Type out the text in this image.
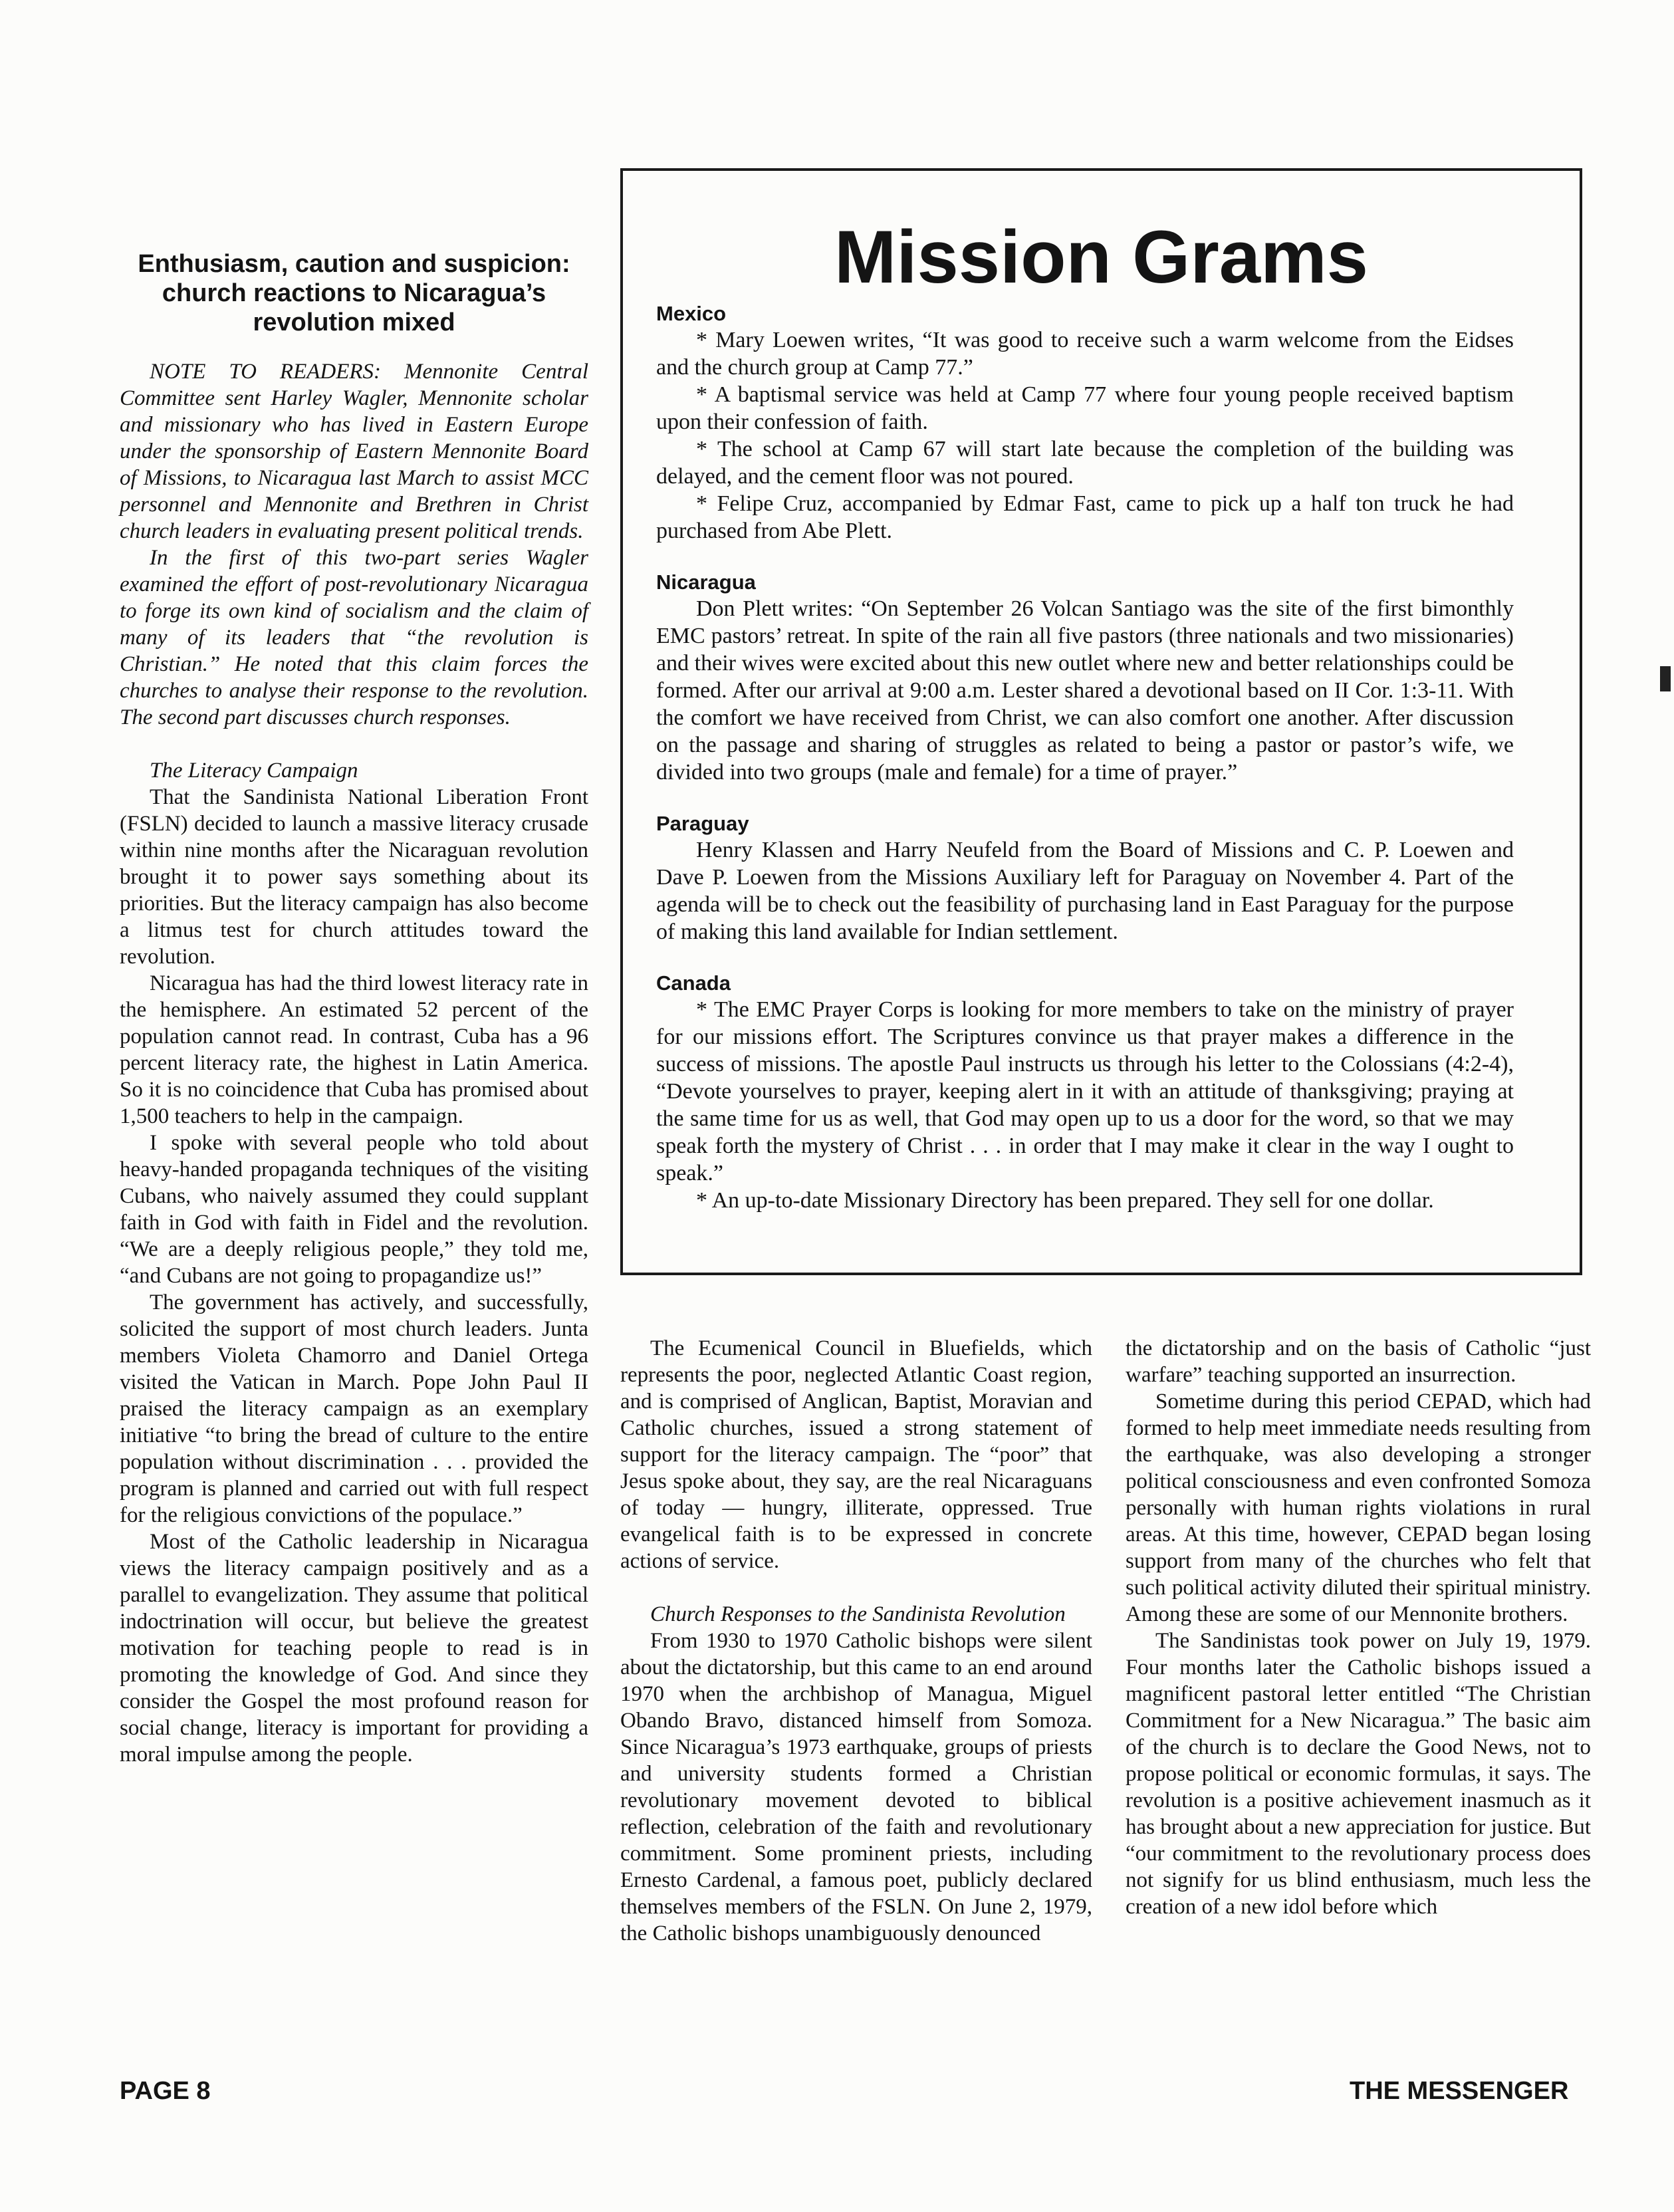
Mission Grams
Mexico

* Mary Loewen writes, “It was good to receive such a warm welcome from the Eidses and the church group at Camp 77.”

* A baptismal service was held at Camp 77 where four young people received baptism upon their confession of faith.

* The school at Camp 67 will start late because the completion of the building was delayed, and the cement floor was not poured.

* Felipe Cruz, accompanied by Edmar Fast, came to pick up a half ton truck he had purchased from Abe Plett.

Nicaragua

Don Plett writes: “On September 26 Volcan Santiago was the site of the first bimonthly EMC pastors’ retreat. In spite of the rain all five pastors (three nationals and two missionaries) and their wives were excited about this new outlet where new and better relationships could be formed. After our arrival at 9:00 a.m. Lester shared a devotional based on II Cor. 1:3-11. With the comfort we have received from Christ, we can also comfort one another. After discussion on the passage and sharing of struggles as related to being a pastor or pastor’s wife, we divided into two groups (male and female) for a time of prayer.”

Paraguay

Henry Klassen and Harry Neufeld from the Board of Missions and C. P. Loewen and Dave P. Loewen from the Missions Auxiliary left for Paraguay on November 4. Part of the agenda will be to check out the feasibility of purchasing land in East Paraguay for the purpose of making this land available for Indian settlement.

Canada

* The EMC Prayer Corps is looking for more members to take on the ministry of prayer for our missions effort. The Scriptures convince us that prayer makes a difference in the success of missions. The apostle Paul instructs us through his letter to the Colossians (4:2-4), “Devote yourselves to prayer, keeping alert in it with an attitude of thanksgiving; praying at the same time for us as well, that God may open up to us a door for the word, so that we may speak forth the mystery of Christ . . . in order that I may make it clear in the way I ought to speak.”

* An up-to-date Missionary Directory has been prepared. They sell for one dollar.

Enthusiasm, caution and suspicion: church reactions to Nicaragua’s revolution mixed

NOTE TO READERS: Mennonite Central Committee sent Harley Wagler, Mennonite scholar and missionary who has lived in Eastern Europe under the sponsorship of Eastern Mennonite Board of Missions, to Nicaragua last March to assist MCC personnel and Mennonite and Brethren in Christ church leaders in evaluating present political trends.

In the first of this two-part series Wagler examined the effort of post-revolutionary Nicaragua to forge its own kind of socialism and the claim of many of its leaders that “the revolution is Christian.” He noted that this claim forces the churches to analyse their response to the revolution. The second part discusses church responses.

The Literacy Campaign

That the Sandinista National Liberation Front (FSLN) decided to launch a massive literacy crusade within nine months after the Nicaraguan revolution brought it to power says something about its priorities. But the literacy campaign has also become a litmus test for church attitudes toward the revolution.

Nicaragua has had the third lowest literacy rate in the hemisphere. An estimated 52 percent of the population cannot read. In contrast, Cuba has a 96 percent literacy rate, the highest in Latin America. So it is no coincidence that Cuba has promised about 1,500 teachers to help in the campaign.

I spoke with several people who told about heavy-handed propaganda techniques of the visiting Cubans, who naively assumed they could supplant faith in God with faith in Fidel and the revolution. “We are a deeply religious people,” they told me, “and Cubans are not going to propagandize us!”

The government has actively, and successfully, solicited the support of most church leaders. Junta members Violeta Chamorro and Daniel Ortega visited the Vatican in March. Pope John Paul II praised the literacy campaign as an exemplary initiative “to bring the bread of culture to the entire population without discrimination . . . provided the program is planned and carried out with full respect for the religious convictions of the populace.”

Most of the Catholic leadership in Nicaragua views the literacy campaign positively and as a parallel to evangelization. They assume that political indoctrination will occur, but believe the greatest motivation for teaching people to read is in promoting the knowledge of God. And since they consider the Gospel the most profound reason for social change, literacy is important for providing a moral impulse among the people.

The Ecumenical Council in Bluefields, which represents the poor, neglected Atlantic Coast region, and is comprised of Anglican, Baptist, Moravian and Catholic churches, issued a strong statement of support for the literacy campaign. The “poor” that Jesus spoke about, they say, are the real Nicaraguans of today — hungry, illiterate, oppressed. True evangelical faith is to be expressed in concrete actions of service.

Church Responses to the Sandinista Revolution

From 1930 to 1970 Catholic bishops were silent about the dictatorship, but this came to an end around 1970 when the archbishop of Managua, Miguel Obando Bravo, distanced himself from Somoza. Since Nicaragua’s 1973 earthquake, groups of priests and university students formed a Christian revolutionary movement devoted to biblical reflection, celebration of the faith and revolutionary commitment. Some prominent priests, including Ernesto Cardenal, a famous poet, publicly declared themselves members of the FSLN. On June 2, 1979, the Catholic bishops unambiguously denounced

the dictatorship and on the basis of Catholic “just warfare” teaching supported an insurrection.

Sometime during this period CEPAD, which had formed to help meet immediate needs resulting from the earthquake, was also developing a stronger political consciousness and even confronted Somoza personally with human rights violations in rural areas. At this time, however, CEPAD began losing support from many of the churches who felt that such political activity diluted their spiritual ministry. Among these are some of our Mennonite brothers.

The Sandinistas took power on July 19, 1979. Four months later the Catholic bishops issued a magnificent pastoral letter entitled “The Christian Commitment for a New Nicaragua.” The basic aim of the church is to declare the Good News, not to propose political or economic formulas, it says. The revolution is a positive achievement inasmuch as it has brought about a new appreciation for justice. But “our commitment to the revolutionary process does not signify for us blind enthusiasm, much less the creation of a new idol before which

PAGE 8	THE MESSENGER
